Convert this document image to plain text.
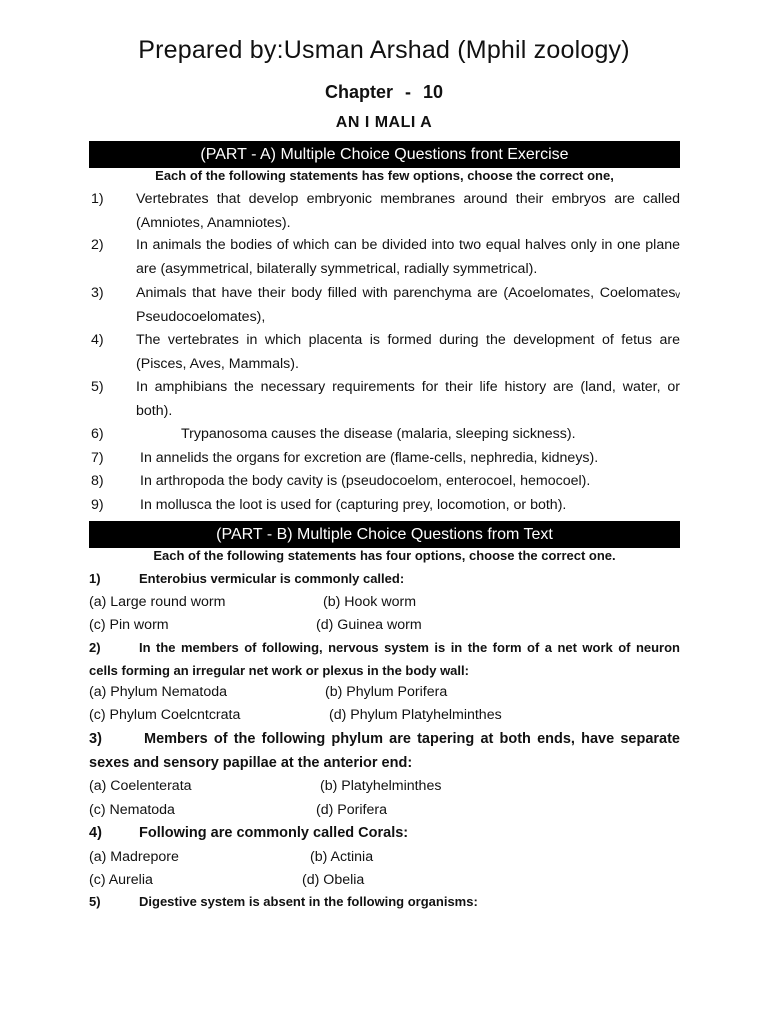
Prepared by:Usman Arshad (Mphil zoology)
Chapter - 10
AN I MALI A
(PART - A) Multiple Choice Questions front Exercise
Each of the following statements has few options, choose the correct one,
1) Vertebrates that develop embryonic membranes around their embryos are called (Amniotes, Anamniotes).
2) In animals the bodies of which can be divided into two equal halves only in one plane are (asymmetrical, bilaterally symmetrical, radially symmetrical).
3) Animals that have their body filled with parenchyma are (Acoelomates, Coelomatesᵥ Pseudocoelomates),
4) The vertebrates in which placenta is formed during the development of fetus are (Pisces, Aves, Mammals).
5) In amphibians the necessary requirements for their life history are (land, water, or both).
6)	Trypanosoma causes the disease (malaria, sleeping sickness).
7)	In annelids the organs for excretion are (flame-cells, nephredia, kidneys).
8)	In arthropoda the body cavity is (pseudocoelom, enterocoel, hemocoel).
9)	In mollusca the loot is used for (capturing prey, locomotion, or both).
(PART - B) Multiple Choice Questions from Text
Each of the following statements has four options, choose the correct one.
1)	Enterobius vermicular is commonly called:
(a) Large round worm	(b) Hook worm
(c) Pin worm	(d) Guinea worm
2)	In the members of following, nervous system is in the form of a net work of neuron cells forming an irregular net work or plexus in the body wall:
(a) Phylum Nematoda	(b) Phylum Porifera
(c) Phylum Coelcntcrata	(d) Phylum Platyhelminthes
3)	Members of the following phylum are tapering at both ends, have separate sexes and sensory papillae at the anterior end:
(a) Coelenterata	(b) Platyhelminthes
(c) Nematoda	(d) Porifera
4)	Following are commonly called Corals:
(a) Madrepore	(b) Actinia
(c) Aurelia	(d) Obelia
5)	Digestive system is absent in the following organisms:
